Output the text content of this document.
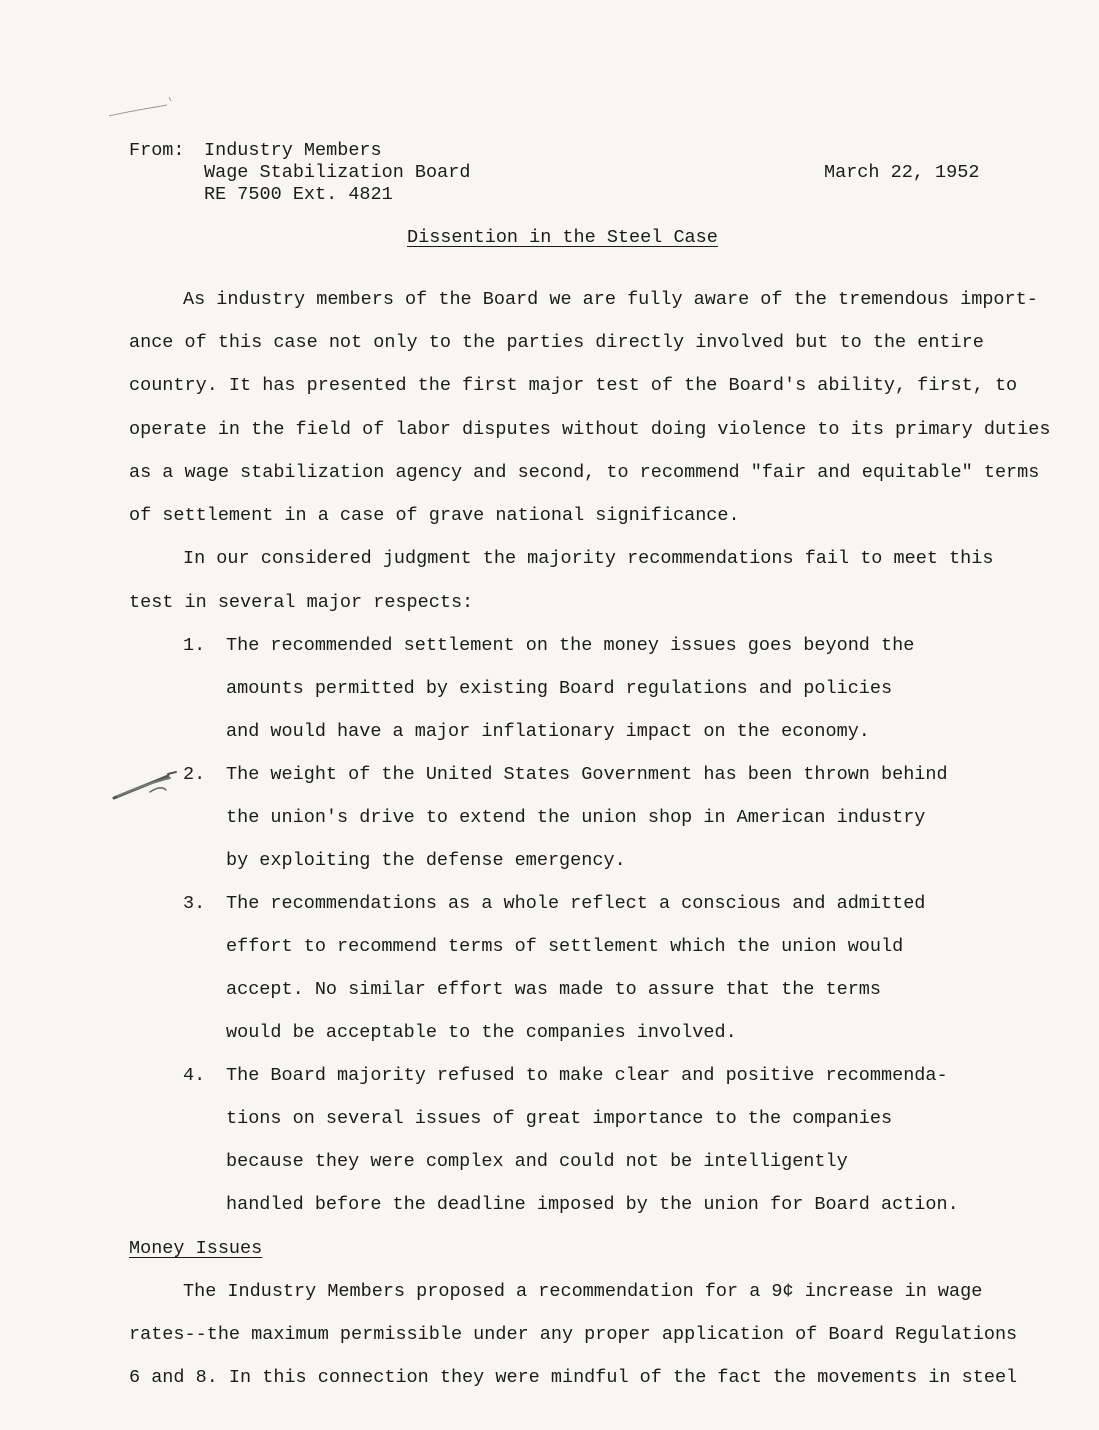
From: Industry Members
Wage Stabilization Board
RE 7500 Ext. 4821
March 22, 1952
Dissention in the Steel Case
As industry members of the Board we are fully aware of the tremendous import-
ance of this case not only to the parties directly involved but to the entire
country. It has presented the first major test of the Board's ability, first, to
operate in the field of labor disputes without doing violence to its primary duties
as a wage stabilization agency and second, to recommend "fair and equitable" terms
of settlement in a case of grave national significance.
In our considered judgment the majority recommendations fail to meet this
test in several major respects:
1. The recommended settlement on the money issues goes beyond the
amounts permitted by existing Board regulations and policies
and would have a major inflationary impact on the economy.
2. The weight of the United States Government has been thrown behind
the union's drive to extend the union shop in American industry
by exploiting the defense emergency.
3. The recommendations as a whole reflect a conscious and admitted
effort to recommend terms of settlement which the union would
accept. No similar effort was made to assure that the terms
would be acceptable to the companies involved.
4. The Board majority refused to make clear and positive recommenda-
tions on several issues of great importance to the companies
because they were complex and could not be intelligently
handled before the deadline imposed by the union for Board action.
Money Issues
The Industry Members proposed a recommendation for a 9¢ increase in wage
rates--the maximum permissible under any proper application of Board Regulations
6 and 8. In this connection they were mindful of the fact the movements in steel
